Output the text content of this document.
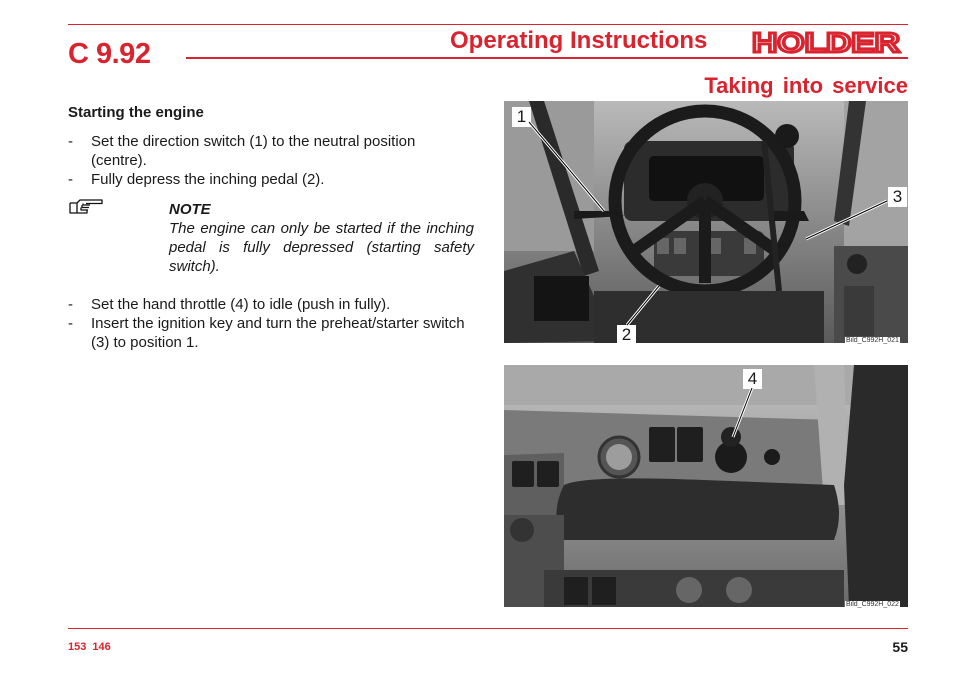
C 9.92	Operating Instructions HOLDER
Taking into service

Starting the engine

- Set the direction switch (1) to the neutral position (centre).

- Fully depress the inching pedal (2).

NOTE
The engine can only be started if the inching pedal is fully depressed (starting safety switch).

- Set the hand throttle (4) to idle (push in fully).

- Insert the ignition key and turn the preheat/starter switch (3) to position 1.

1
3
2	Bild_C992H_021
4
Bild_C992H_022
153 146	55
